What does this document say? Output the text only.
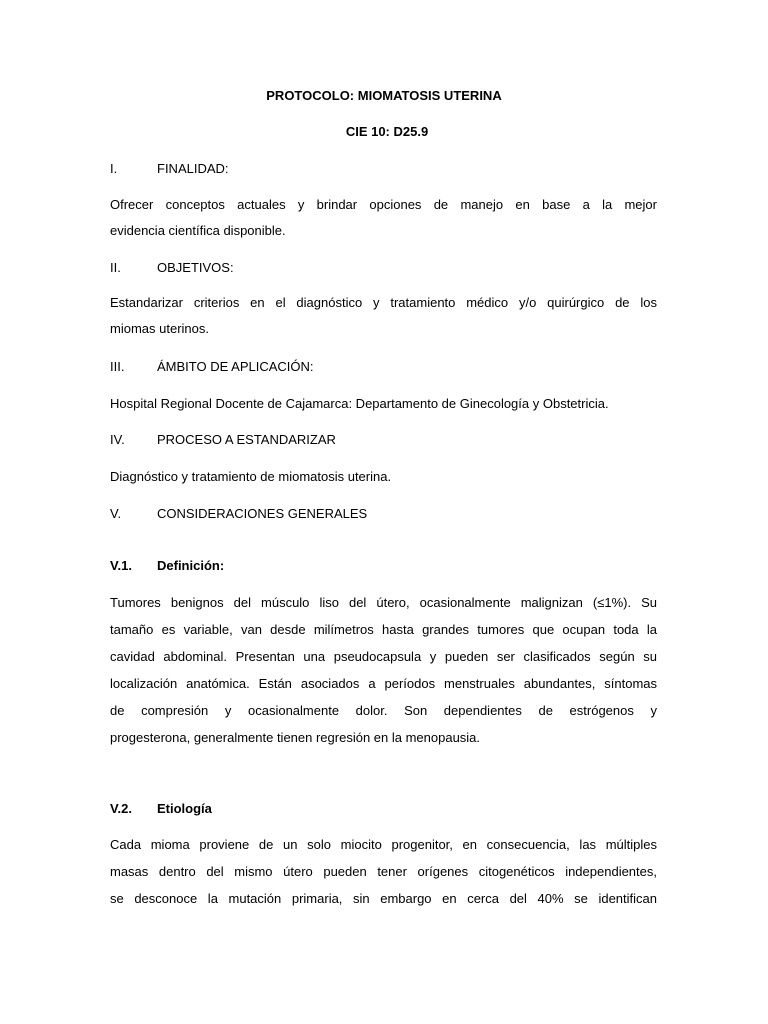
PROTOCOLO: MIOMATOSIS UTERINA
CIE 10: D25.9
I.	FINALIDAD:
Ofrecer conceptos actuales y brindar opciones de manejo en base a la mejor
evidencia científica disponible.
II.	OBJETIVOS:
Estandarizar criterios en el diagnóstico y tratamiento médico y/o quirúrgico de los
miomas uterinos.
III.	ÁMBITO DE APLICACIÓN:
Hospital Regional Docente de Cajamarca: Departamento de Ginecología y Obstetricia.
IV. PROCESO A ESTANDARIZAR
Diagnóstico y tratamiento de miomatosis uterina.
V.	CONSIDERACIONES GENERALES
V.1. Definición:
Tumores benignos del músculo liso del útero, ocasionalmente malignizan (≤1%). Su
tamaño es variable, van desde milímetros hasta grandes tumores que ocupan toda la
cavidad abdominal. Presentan una pseudocapsula y pueden ser clasificados según su
localización anatómica. Están asociados a períodos menstruales abundantes, síntomas
de compresión y ocasionalmente dolor. Son dependientes de estrógenos y
progesterona, generalmente tienen regresión en la menopausia.
V.2. Etiología
Cada mioma proviene de un solo miocito progenitor, en consecuencia, las múltiples
masas dentro del mismo útero pueden tener orígenes citogenéticos independientes,
se desconoce la mutación primaria, sin embargo en cerca del 40% se identifican
